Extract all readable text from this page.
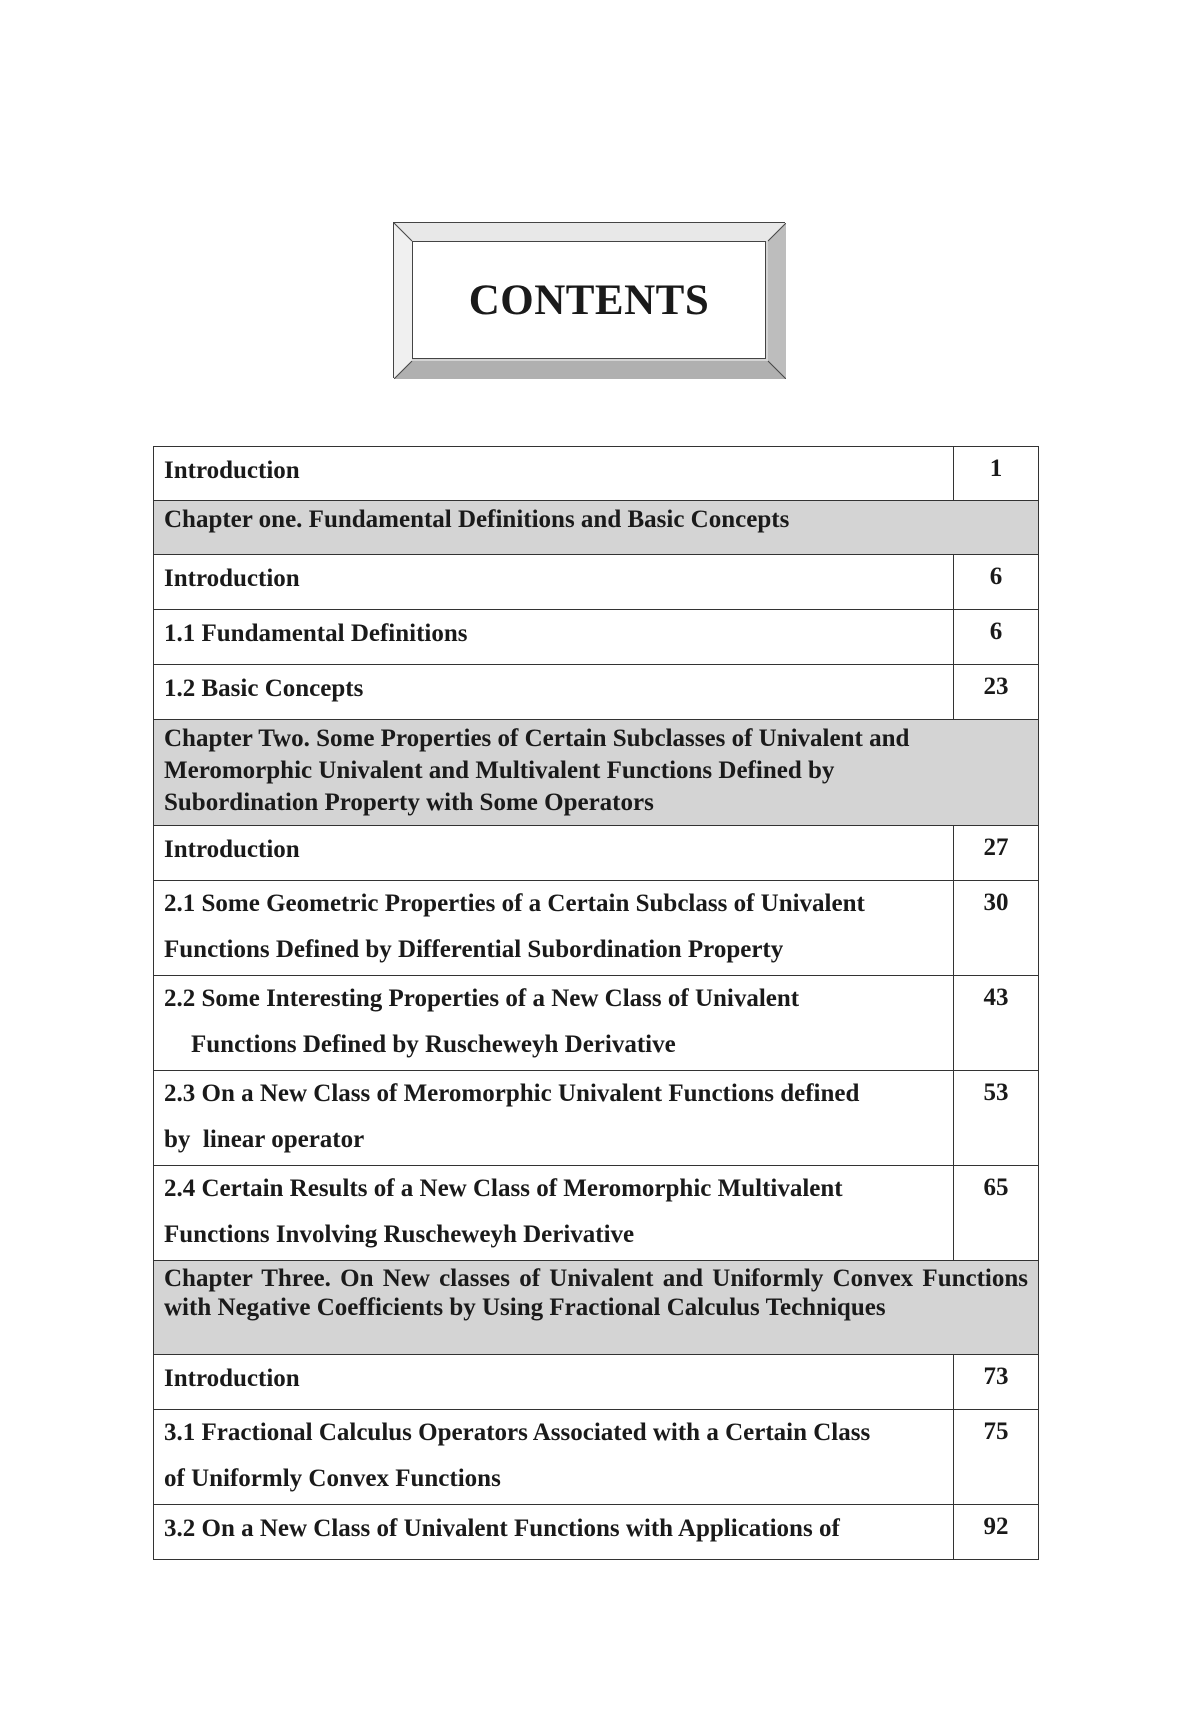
CONTENTS
Introduction	1
Chapter one. Fundamental Definitions and Basic Concepts	
Introduction	6
1.1 Fundamental Definitions	6
1.2 Basic Concepts	23

Chapter Two. Some Properties of Certain Subclasses of Univalent and
Meromorphic Univalent and Multivalent Functions Defined by
Subordination Property with Some Operators	

Introduction	27

2.1 Some Geometric Properties of a Certain Subclass of Univalent
Functions Defined by Differential Subordination Property	30

2.2 Some Interesting Properties of a New Class of Univalent
Functions Defined by Ruscheweyh Derivative	43

2.3 On a New Class of Meromorphic Univalent Functions defined
by  linear operator	53

2.4 Certain Results of a New Class of Meromorphic Multivalent
Functions Involving Ruscheweyh Derivative	65
Chapter Three. On New classes of Univalent and Uniformly Convex Functions with Negative Coefficients by Using Fractional Calculus Techniques	
Introduction	73

3.1 Fractional Calculus Operators Associated with a Certain Class
of Uniformly Convex Functions	75
3.2 On a New Class of Univalent Functions with Applications of	92
